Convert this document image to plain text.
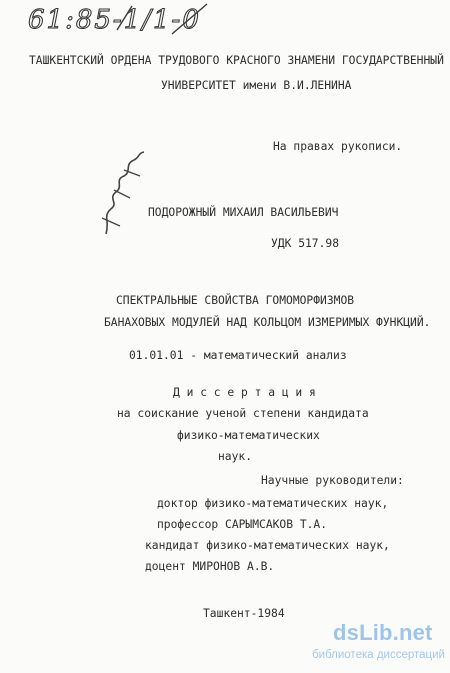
61:85-1/1-0

ТАШКЕНТСКИЙ ОРДЕНА ТРУДОВОГО КРАСНОГО ЗНАМЕНИ ГОСУДАРСТВЕННЫЙ

УНИВЕРСИТЕТ имени В.И.ЛЕНИНА

На правах рукописи.

ПОДОРОЖНЫЙ МИХАИЛ ВАСИЛЬЕВИЧ

УДК 517.98

СПЕКТРАЛЬНЫЕ СВОЙСТВА ГОМОМОРФИЗМОВ

БАНАХОВЫХ МОДУЛЕЙ НАД КОЛЬЦОМ ИЗМЕРИМЫХ ФУНКЦИЙ.

01.01.01 - математический анализ

Д и с с е р т а ц и я

на соискание ученой степени кандидата

физико-математических

наук.

Научные руководители:

доктор физико-математических наук,

профессор САРЫМСАКОВ Т.А.

кандидат физико-математических наук,

доцент МИРОНОВ А.В.

Ташкент-1984

dsLib.net
библиотека диссертаций
